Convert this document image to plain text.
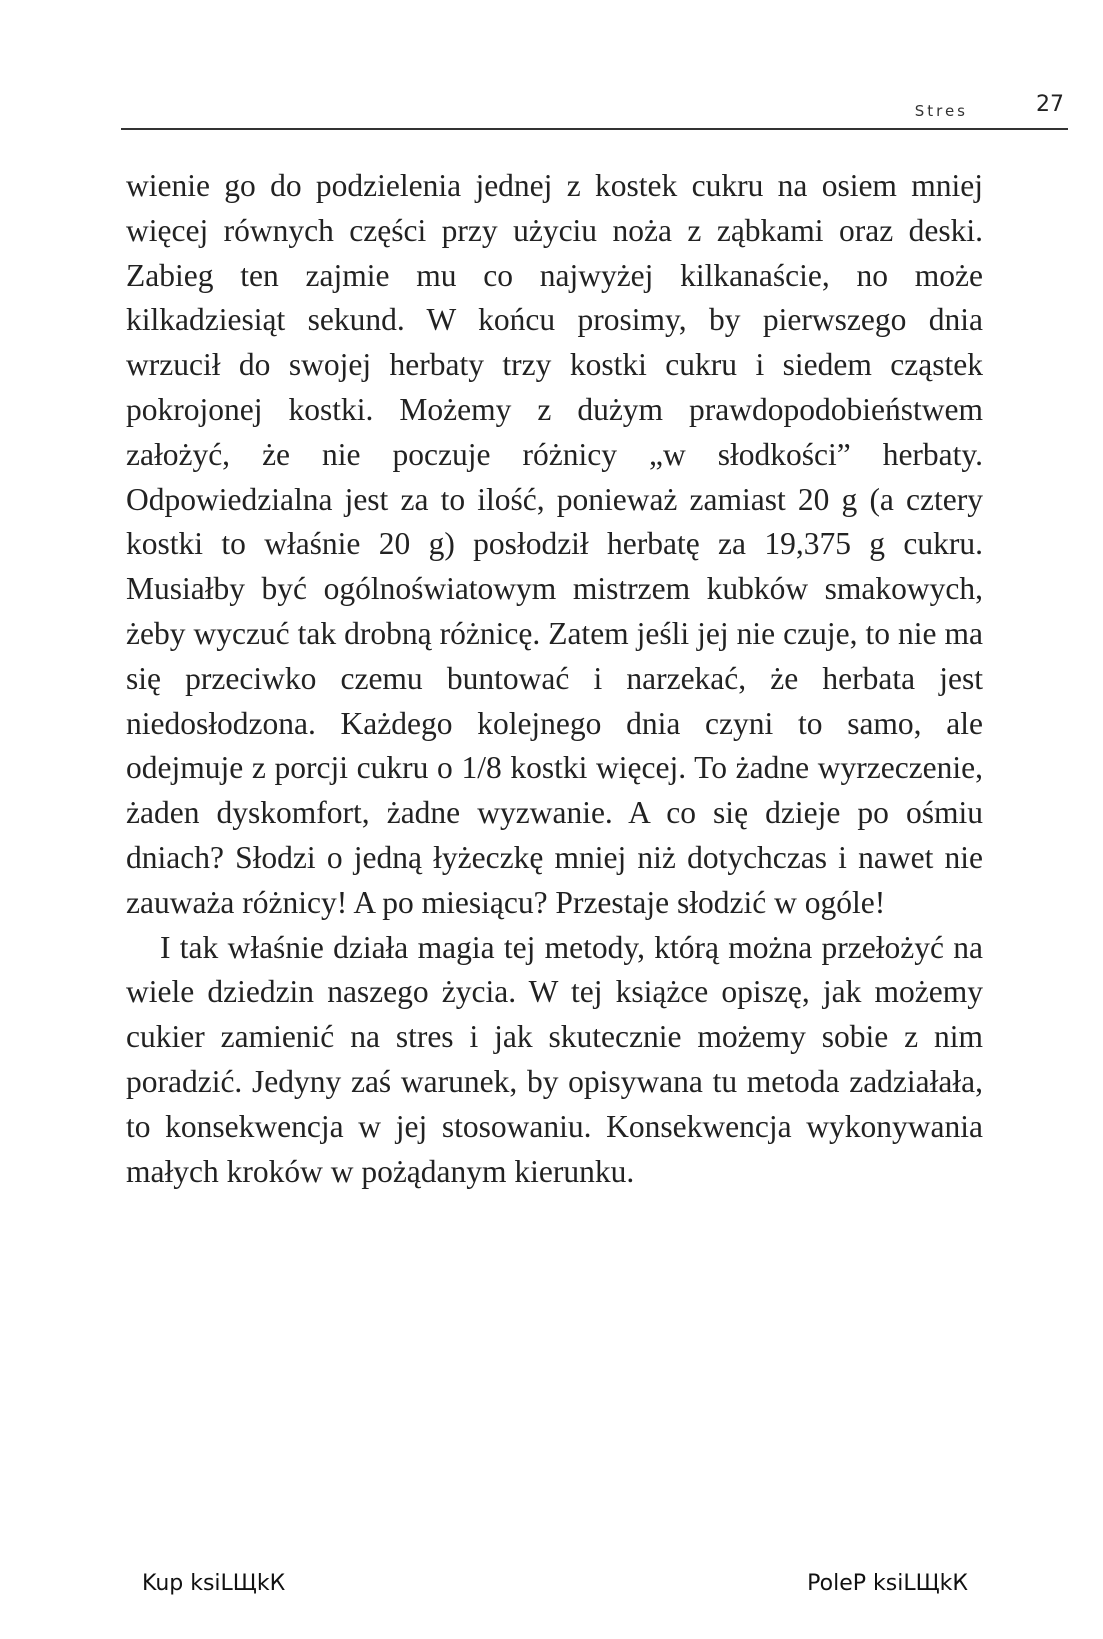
Stres	27

wienie go do podzielenia jednej z kostek cukru na osiem mniej więcej równych części przy użyciu noża z ząbkami oraz deski. Zabieg ten zajmie mu co najwyżej kilkanaście, no może kilkadziesiąt sekund. W końcu prosimy, by pierwszego dnia wrzucił do swojej herbaty trzy kostki cukru i siedem cząstek pokrojonej kostki. Możemy z dużym prawdopodobieństwem założyć, że nie poczuje różnicy „w słodkości” herbaty. Odpowiedzialna jest za to ilość, ponieważ zamiast 20 g (a cztery kostki to właśnie 20 g) posłodził herbatę za 19,375 g cukru. Musiałby być ogólnoświatowym mistrzem kubków smakowych, żeby wyczuć tak drobną różnicę. Zatem jeśli jej nie czuje, to nie ma się przeciwko czemu buntować i narzekać, że herbata jest niedosłodzona. Każdego kolejnego dnia czyni to samo, ale odejmuje z porcji cukru o 1/8 kostki więcej. To żadne wyrzeczenie, żaden dyskomfort, żadne wyzwanie. A co się dzieje po ośmiu dniach? Słodzi o jedną łyżeczkę mniej niż dotychczas i nawet nie zauważa różnicy! A po miesiącu? Przestaje słodzić w ogóle!

I tak właśnie działa magia tej metody, którą można przełożyć na wiele dziedzin naszego życia. W tej książce opiszę, jak możemy cukier zamienić na stres i jak skutecznie możemy sobie z nim poradzić. Jedyny zaś warunek, by opisywana tu metoda zadziałała, to konsekwencja w jej stosowaniu. Konsekwencja wykonywania małych kroków w pożądanym kierunku.

Kup ksiLЩkК	PoleP ksiLЩkК
